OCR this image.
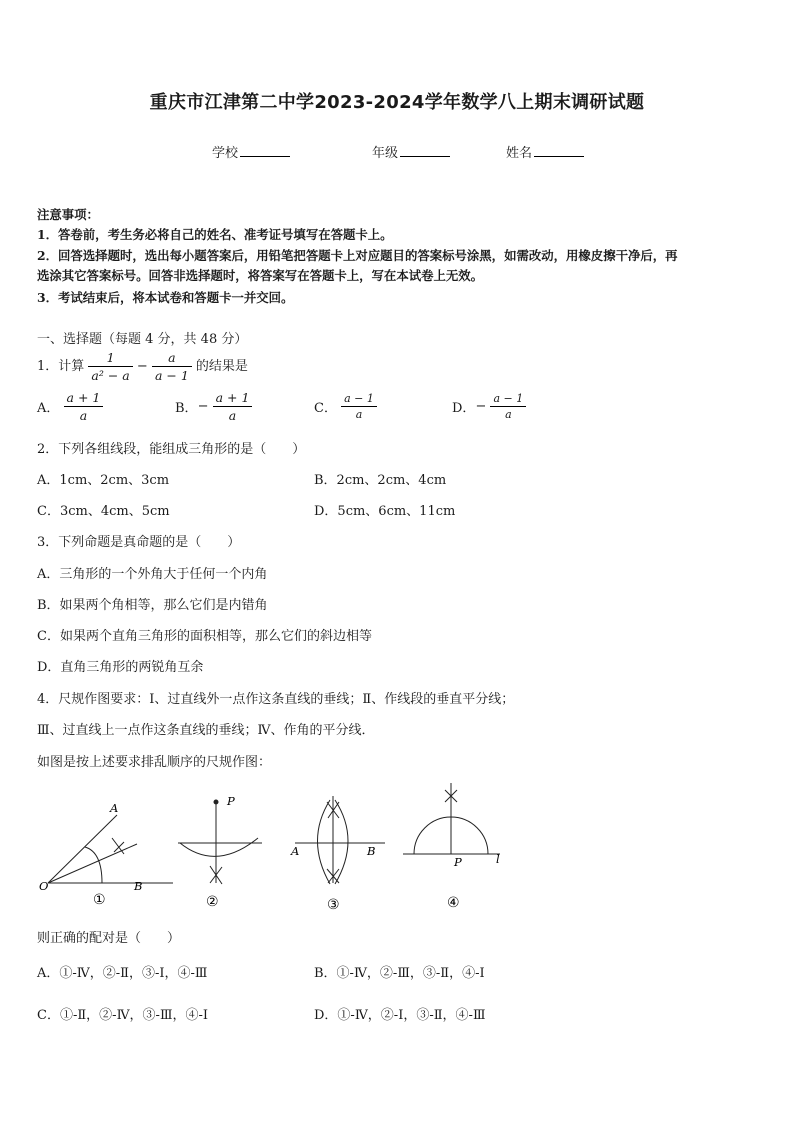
重庆市江津第二中学2023-2024学年数学八上期末调研试题
学校	年级	姓名
注意事项：
1．答卷前，考生务必将自己的姓名、准考证号填写在答题卡上。
2．回答选择题时，选出每小题答案后，用铅笔把答题卡上对应题目的答案标号涂黑，如需改动，用橡皮擦干净后，再
选涂其它答案标号。回答非选择题时，将答案写在答题卡上，写在本试卷上无效。
3．考试结束后，将本试卷和答题卡一并交回。
一、选择题（每题 4 分，共 48 分）
1．计算 $\frac{1}{\text{a² − a}} - \frac{a}{a - 1}$ 的结果是
A． $\frac{a + 1}{a}$	B．− $\frac{a + 1}{a}$	C． $\frac{a - 1}{a}$	D．− $\frac{a - 1}{a}$
2．下列各组线段，能组成三角形的是（　　）
A．1cm、2cm、3cm	B．2cm、2cm、4cm
C．3cm、4cm、5cm	D．5cm、6cm、11cm
3．下列命题是真命题的是（　　）
A．三角形的一个外角大于任何一个内角
B．如果两个角相等，那么它们是内错角
C．如果两个直角三角形的面积相等，那么它们的斜边相等
D．直角三角形的两锐角互余
4．尺规作图要求：Ⅰ、过直线外一点作这条直线的垂线；Ⅱ、作线段的垂直平分线；
Ⅲ、过直线上一点作这条直线的垂线；Ⅳ、作角的平分线．
如图是按上述要求排乱顺序的尺规作图：
A
O	B
①
P
②
A	B
③
P	l
④
则正确的配对是（　　）
A．①-Ⅳ，②-Ⅱ，③-Ⅰ，④-Ⅲ	B．①-Ⅳ，②-Ⅲ，③-Ⅱ，④-Ⅰ
C．①-Ⅱ，②-Ⅳ，③-Ⅲ，④-Ⅰ	D．①-Ⅳ，②-Ⅰ，③-Ⅱ，④-Ⅲ
